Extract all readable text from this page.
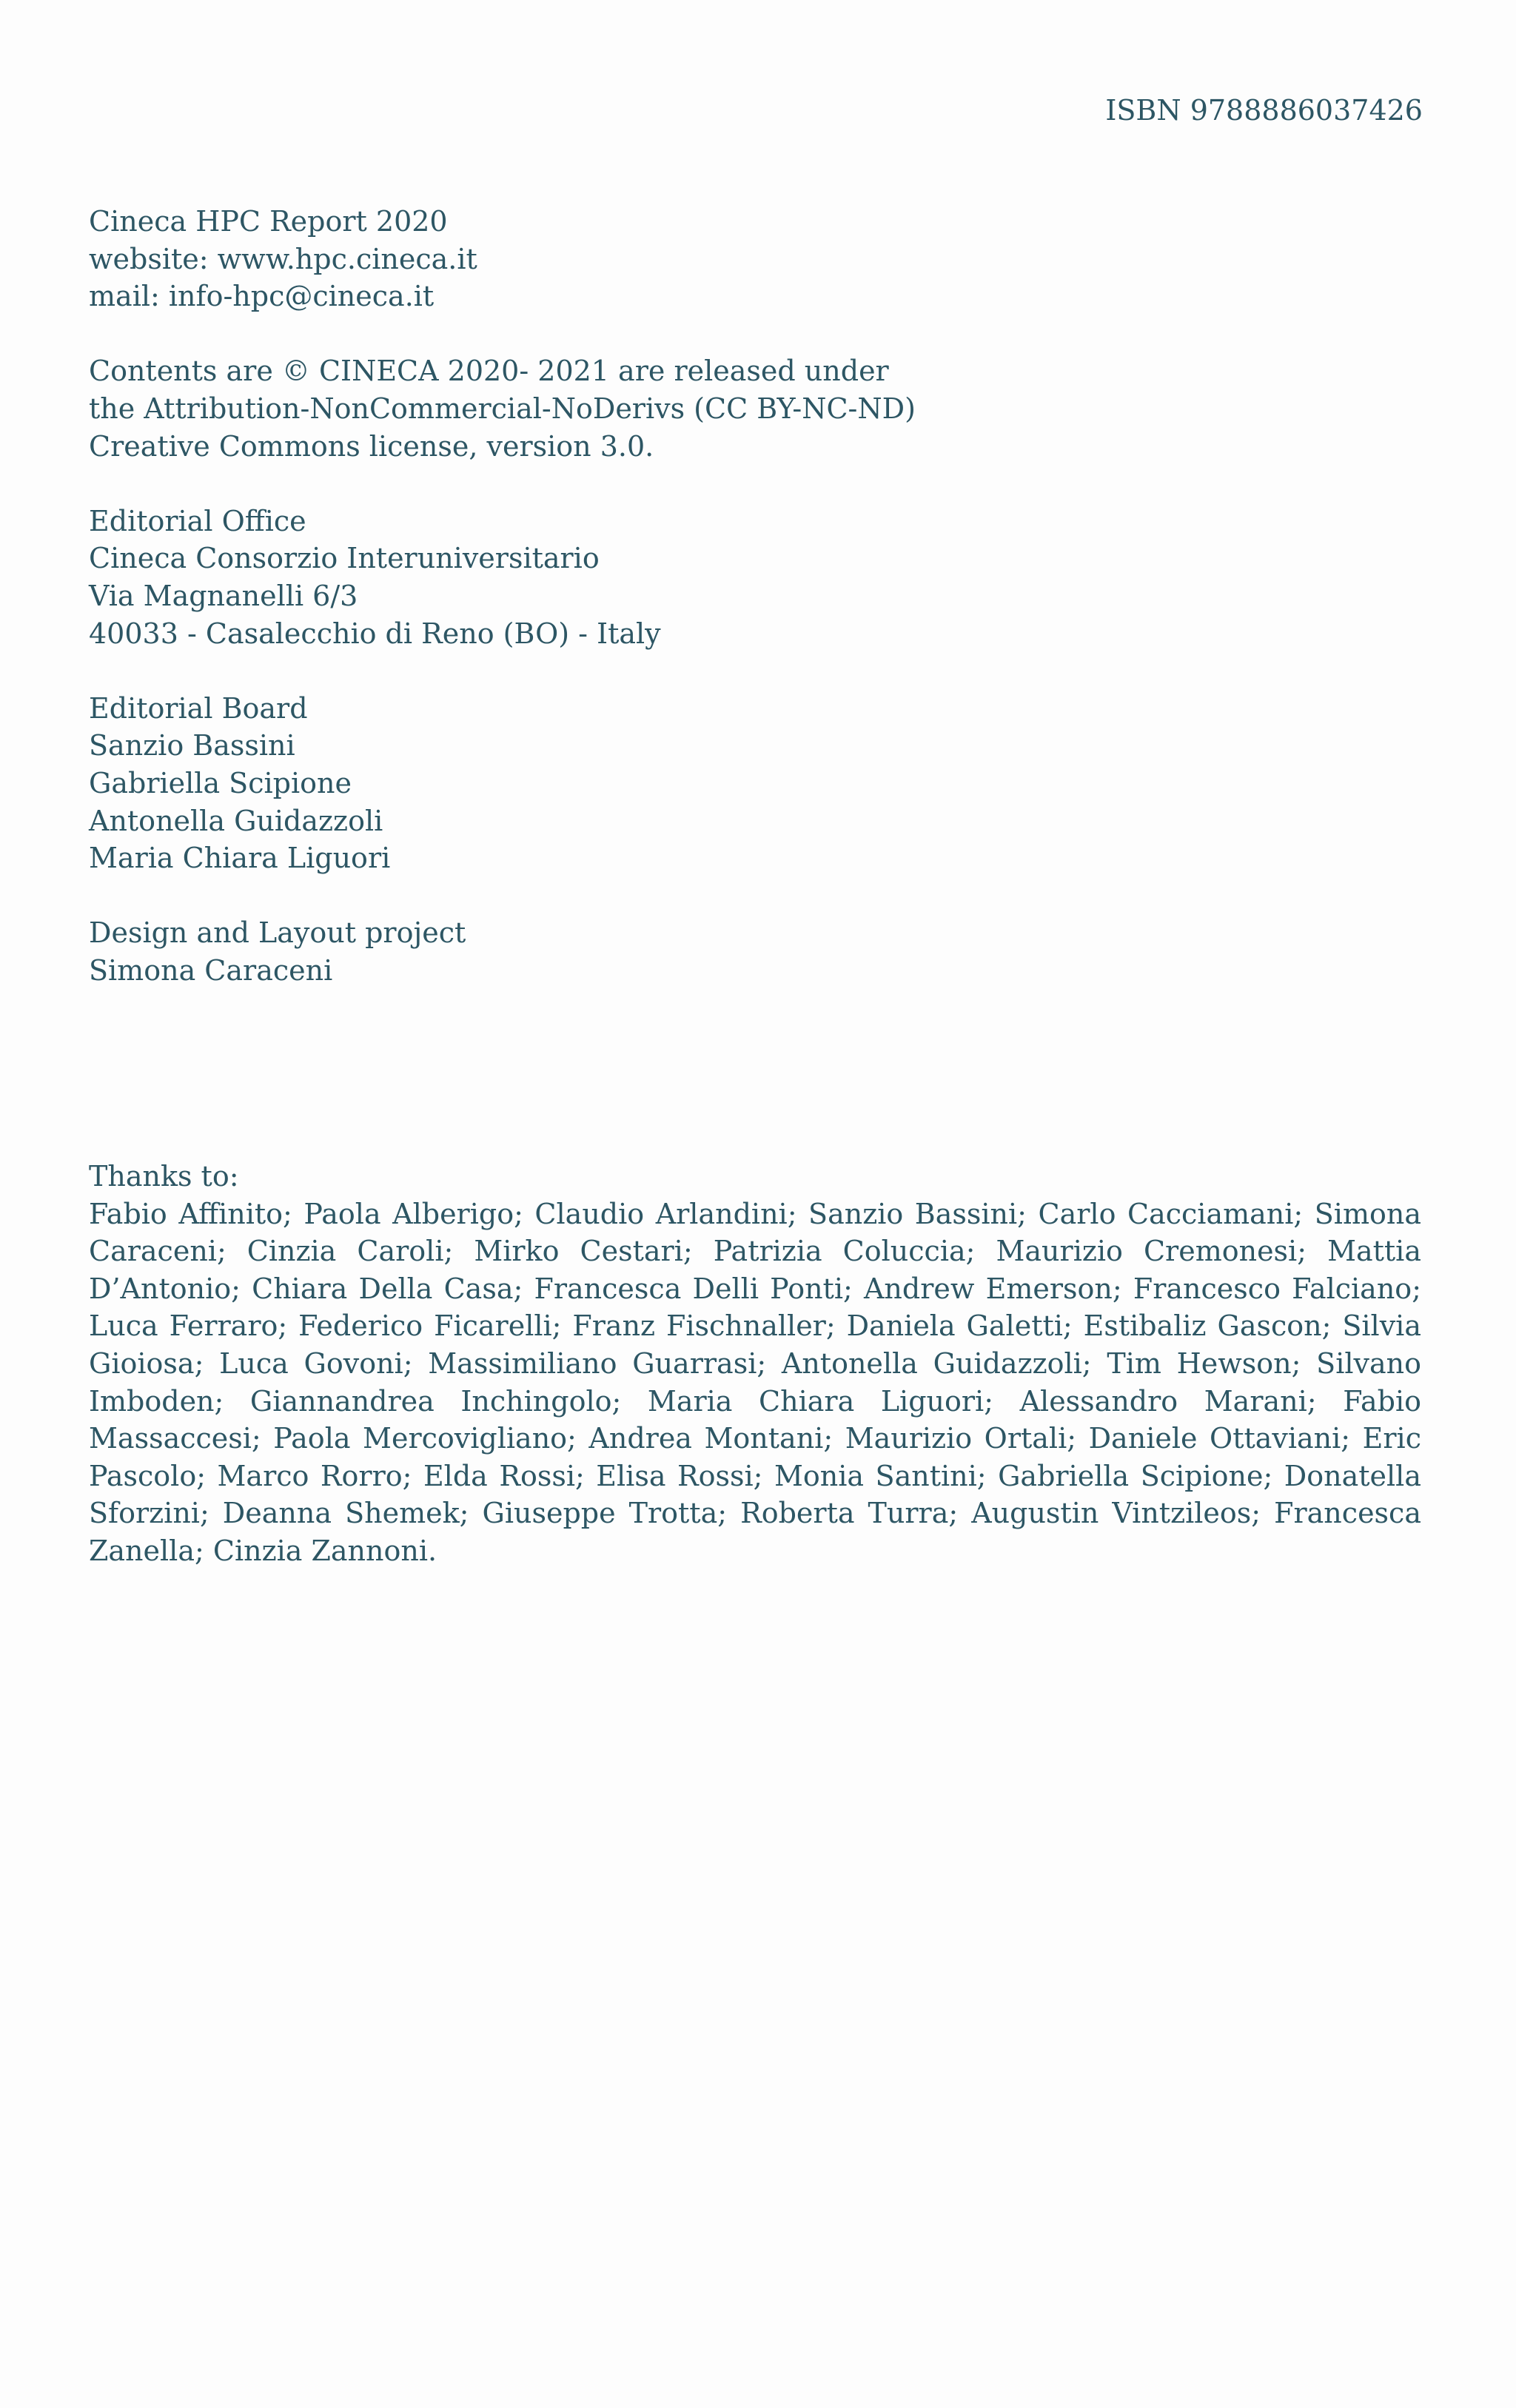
ISBN 9788886037426
Cineca HPC Report 2020
website: www.hpc.cineca.it
mail: info-hpc@cineca.it
Contents are © CINECA 2020- 2021 are released under
the Attribution-NonCommercial-NoDerivs (CC BY-NC-ND)
Creative Commons license, version 3.0.
Editorial Office
Cineca Consorzio Interuniversitario
Via Magnanelli 6/3
40033 - Casalecchio di Reno (BO) - Italy
Editorial Board
Sanzio Bassini
Gabriella Scipione
Antonella Guidazzoli
Maria Chiara Liguori
Design and Layout project
Simona Caraceni
Thanks to:
Fabio Affinito; Paola Alberigo; Claudio Arlandini; Sanzio Bassini; Carlo Cacciamani; Simona Caraceni; Cinzia Caroli; Mirko Cestari; Patrizia Coluccia; Maurizio Cremonesi; Mattia D’Antonio; Chiara Della Casa; Francesca Delli Ponti; Andrew Emerson; Francesco Falciano; Luca Ferraro; Federico Ficarelli; Franz Fischnaller; Daniela Galetti; Estibaliz Gascon; Silvia Gioiosa; Luca Govoni; Massimiliano Guarrasi; Antonella Guidazzoli; Tim Hewson; Silvano Imboden; Giannandrea Inchingolo; Maria Chiara Liguori; Alessandro Marani; Fabio Massaccesi; Paola Mercovigliano; Andrea Montani; Maurizio Ortali; Daniele Ottaviani; Eric Pascolo; Marco Rorro; Elda Rossi; Elisa Rossi; Monia Santini; Gabriella Scipione; Donatella Sforzini; Deanna Shemek; Giuseppe Trotta; Roberta Turra; Augustin Vintzileos; Francesca Zanella; Cinzia Zannoni.
